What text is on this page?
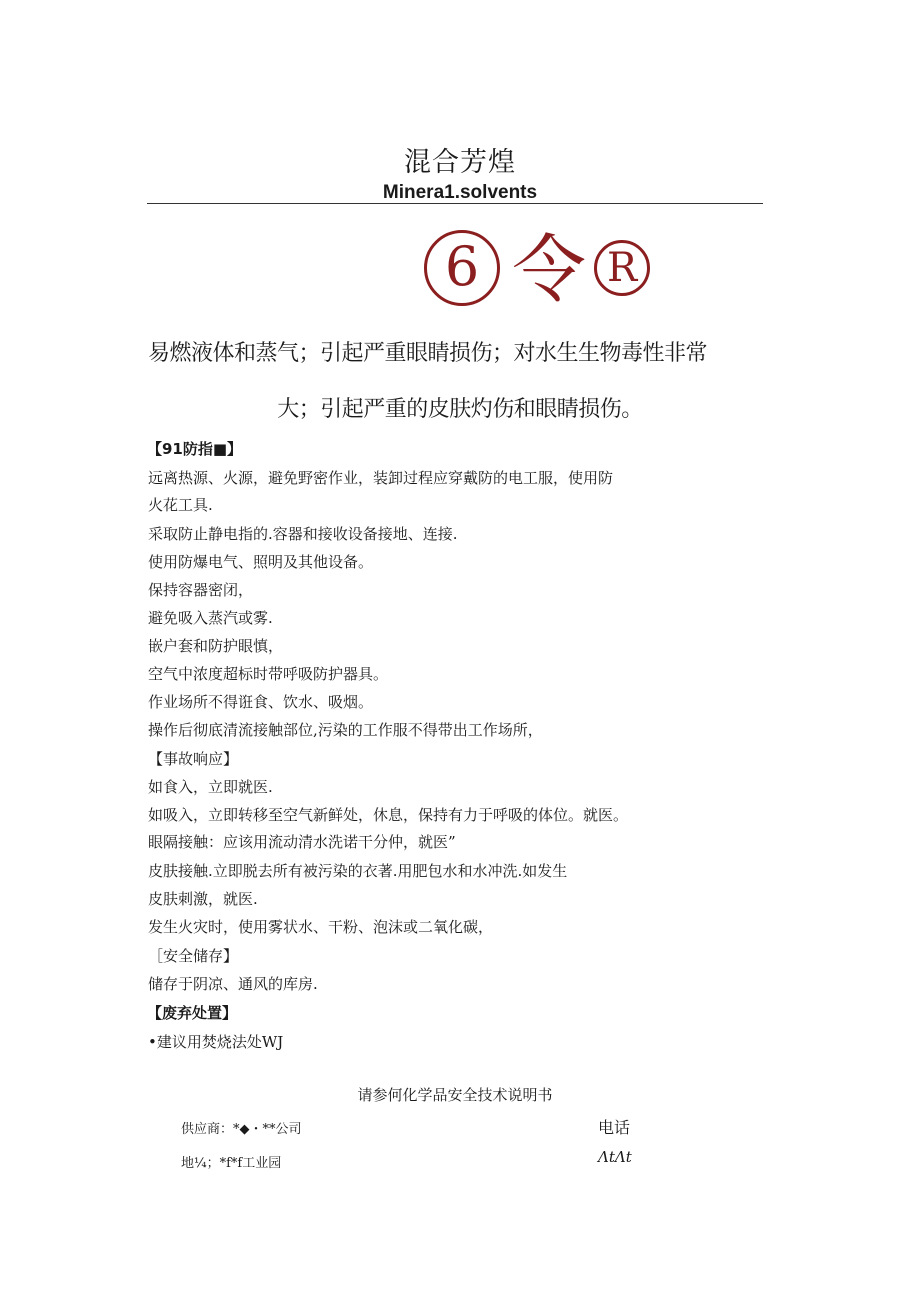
混合芳煌
Minera1.solvents
6 令 R
易燃液体和蒸气；引起严重眼睛损伤；对水生生物毒性非常
大；引起严重的皮肤灼伤和眼睛损伤。
【91防指■】
远离热源、火源，避免野密作业，装卸过程应穿戴防的电工服，使用防
火花工具.
采取防止静电指的.容器和接收设备接地、连接.
使用防爆电气、照明及其他设备。
保持容器密闭，
避免吸入蒸汽或雾.
嵌户套和防护眼慎，
空气中浓度超标时带呼吸防护器具。
作业场所不得诳食、饮水、吸烟。
操作后彻底清流接触部位,污染的工作服不得带出工作场所，
【事故响应】
如食入，立即就医.
如吸入，立即转移至空气新鲜处，休息，保持有力于呼吸的体位。就医。
眼隔接触：应该用流动清水洗诺干分仲，就医”
皮肤接触.立即脱去所有被污染的衣著.用肥包水和水冲洗.如发生
皮肤刺激，就医.
发生火灾时，使用雾状水、干粉、泡沫或二氧化碳，
［安全储存】
储存于阴凉、通风的库房.
【废弃处置】
•建议用焚烧法处WJ
请参何化学品安全技术说明书
供应商：*◆・**公司
地¼；*f*f工业园
电话
ΛtΛt
